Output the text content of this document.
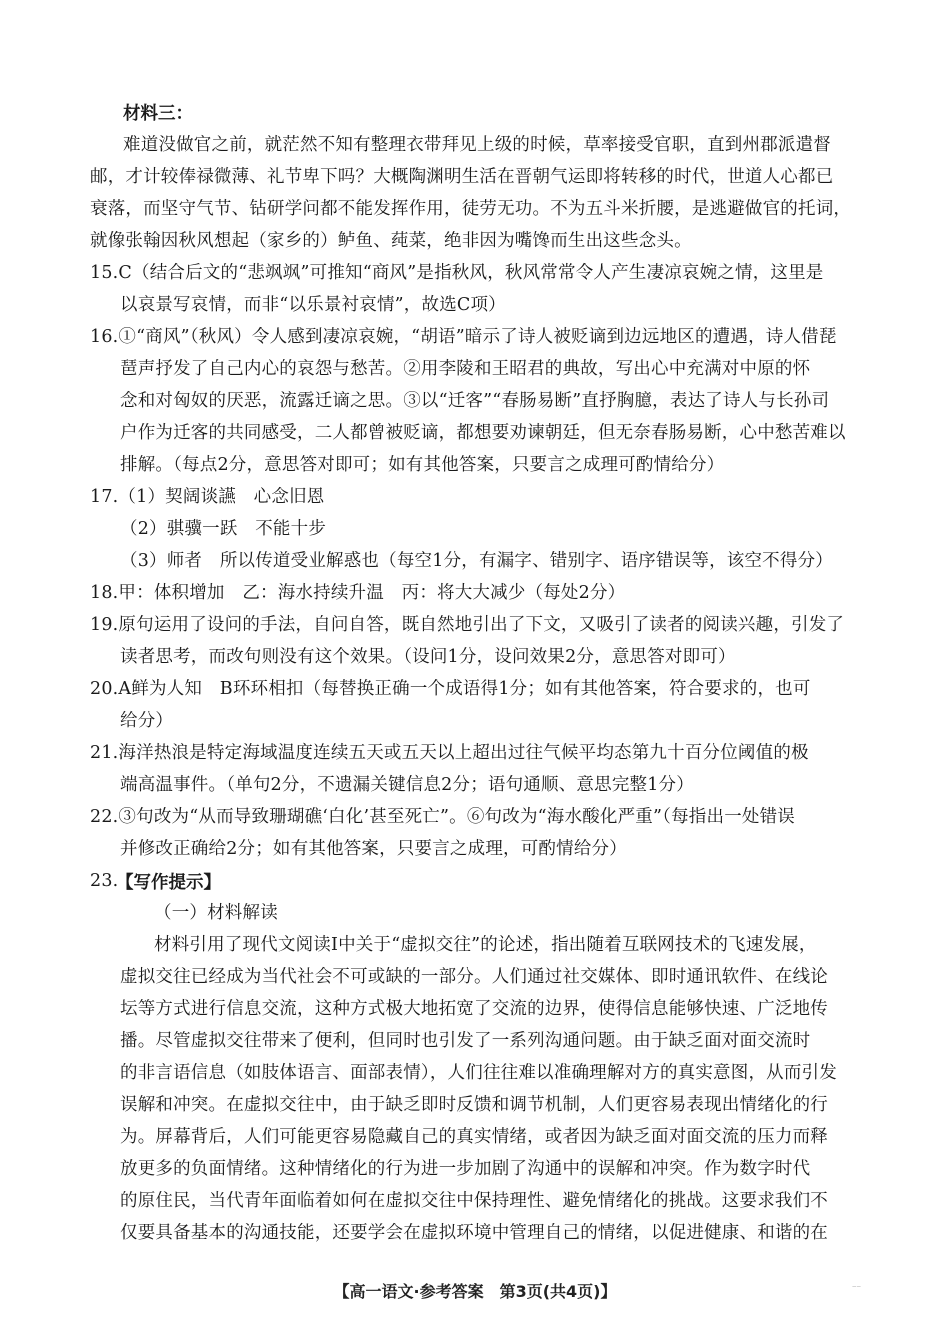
材料三：
难道没做官之前，就茫然不知有整理衣带拜见上级的时候，草率接受官职，直到州郡派遣督
邮，才计较俸禄微薄、礼节卑下吗？大概陶渊明生活在晋朝气运即将转移的时代，世道人心都已
衰落，而坚守气节、钻研学问都不能发挥作用，徒劳无功。不为五斗米折腰，是逃避做官的托词，
就像张翰因秋风想起（家乡的）鲈鱼、莼菜，绝非因为嘴馋而生出这些念头。
15.C（结合后文的“悲飒飒”可推知“商风”是指秋风，秋风常常令人产生凄凉哀婉之情，这里是
以哀景写哀情，而非“以乐景衬哀情”，故选C项）
16.①“商风”（秋风）令人感到凄凉哀婉，“胡语”暗示了诗人被贬谪到边远地区的遭遇，诗人借琵
琶声抒发了自己内心的哀怨与愁苦。②用李陵和王昭君的典故，写出心中充满对中原的怀
念和对匈奴的厌恶，流露迁谪之思。③以“迁客”“春肠易断”直抒胸臆，表达了诗人与长孙司
户作为迁客的共同感受，二人都曾被贬谪，都想要劝谏朝廷，但无奈春肠易断，心中愁苦难以
排解。（每点2分，意思答对即可；如有其他答案，只要言之成理可酌情给分）
17.（1）契阔谈讌　心念旧恩
（2）骐骥一跃　不能十步
（3）师者　所以传道受业解惑也（每空1分，有漏字、错别字、语序错误等，该空不得分）
18.甲：体积增加　乙：海水持续升温　丙：将大大减少（每处2分）
19.原句运用了设问的手法，自问自答，既自然地引出了下文，又吸引了读者的阅读兴趣，引发了
读者思考，而改句则没有这个效果。（设问1分，设问效果2分，意思答对即可）
20.A鲜为人知　B环环相扣（每替换正确一个成语得1分；如有其他答案，符合要求的，也可
给分）
21.海洋热浪是特定海域温度连续五天或五天以上超出过往气候平均态第九十百分位阈值的极
端高温事件。（单句2分，不遗漏关键信息2分；语句通顺、意思完整1分）
22.③句改为“从而导致珊瑚礁‘白化’甚至死亡”。⑥句改为“海水酸化严重”（每指出一处错误
并修改正确给2分；如有其他答案，只要言之成理，可酌情给分）
23.
【写作提示】
（一）材料解读
材料引用了现代文阅读Ⅰ中关于“虚拟交往”的论述，指出随着互联网技术的飞速发展，
虚拟交往已经成为当代社会不可或缺的一部分。人们通过社交媒体、即时通讯软件、在线论
坛等方式进行信息交流，这种方式极大地拓宽了交流的边界，使得信息能够快速、广泛地传
播。尽管虚拟交往带来了便利，但同时也引发了一系列沟通问题。由于缺乏面对面交流时
的非言语信息（如肢体语言、面部表情），人们往往难以准确理解对方的真实意图，从而引发
误解和冲突。在虚拟交往中，由于缺乏即时反馈和调节机制，人们更容易表现出情绪化的行
为。屏幕背后，人们可能更容易隐藏自己的真实情绪，或者因为缺乏面对面交流的压力而释
放更多的负面情绪。这种情绪化的行为进一步加剧了沟通中的误解和冲突。作为数字时代
的原住民，当代青年面临着如何在虚拟交往中保持理性、避免情绪化的挑战。这要求我们不
仅要具备基本的沟通技能，还要学会在虚拟环境中管理自己的情绪，以促进健康、和谐的在
【高一语文·参考答案　第3页(共4页)】	––
